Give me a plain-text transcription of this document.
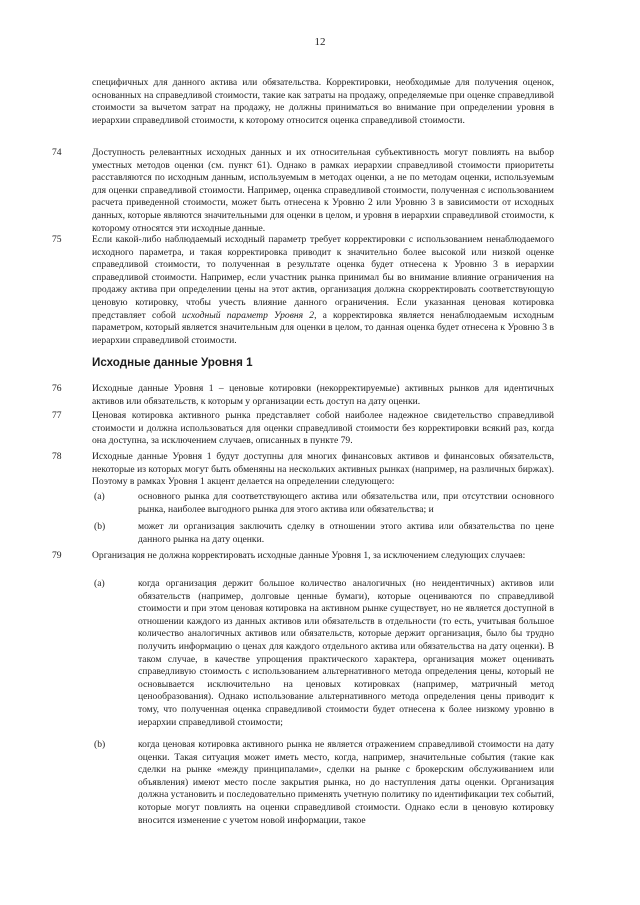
12
специфичных для данного актива или обязательства. Корректировки, необходимые для получения оценок, основанных на справедливой стоимости, такие как затраты на продажу, определяемые при оценке справедливой стоимости за вычетом затрат на продажу, не должны приниматься во внимание при определении уровня в иерархии справедливой стоимости, к которому относится оценка справедливой стоимости.
74	Доступность релевантных исходных данных и их относительная субъективность могут повлиять на выбор уместных методов оценки (см. пункт 61). Однако в рамках иерархии справедливой стоимости приоритеты расставляются по исходным данным, используемым в методах оценки, а не по методам оценки, используемым для оценки справедливой стоимости. Например, оценка справедливой стоимости, полученная с использованием расчета приведенной стоимости, может быть отнесена к Уровню 2 или Уровню 3 в зависимости от исходных данных, которые являются значительными для оценки в целом, и уровня в иерархии справедливой стоимости, к которому относятся эти исходные данные.
75	Если какой-либо наблюдаемый исходный параметр требует корректировки с использованием ненаблюдаемого исходного параметра, и такая корректировка приводит к значительно более высокой или низкой оценке справедливой стоимости, то полученная в результате оценка будет отнесена к Уровню 3 в иерархии справедливой стоимости. Например, если участник рынка принимал бы во внимание влияние ограничения на продажу актива при определении цены на этот актив, организация должна скорректировать соответствующую ценовую котировку, чтобы учесть влияние данного ограничения. Если указанная ценовая котировка представляет собой исходный параметр Уровня 2, а корректировка является ненаблюдаемым исходным параметром, который является значительным для оценки в целом, то данная оценка будет отнесена к Уровню 3 в иерархии справедливой стоимости.
Исходные данные Уровня 1
76	Исходные данные Уровня 1 – ценовые котировки (некорректируемые) активных рынков для идентичных активов или обязательств, к которым у организации есть доступ на дату оценки.
77	Ценовая котировка активного рынка представляет собой наиболее надежное свидетельство справедливой стоимости и должна использоваться для оценки справедливой стоимости без корректировки всякий раз, когда она доступна, за исключением случаев, описанных в пункте 79.
78	Исходные данные Уровня 1 будут доступны для многих финансовых активов и финансовых обязательств, некоторые из которых могут быть обменяны на нескольких активных рынках (например, на различных биржах). Поэтому в рамках Уровня 1 акцент делается на определении следующего:
(a)	основного рынка для соответствующего актива или обязательства или, при отсутствии основного рынка, наиболее выгодного рынка для этого актива или обязательства; и
(b)	может ли организация заключить сделку в отношении этого актива или обязательства по цене данного рынка на дату оценки.
79	Организация не должна корректировать исходные данные Уровня 1, за исключением следующих случаев:
(a)	когда организация держит большое количество аналогичных (но неидентичных) активов или обязательств (например, долговые ценные бумаги), которые оцениваются по справедливой стоимости и при этом ценовая котировка на активном рынке существует, но не является доступной в отношении каждого из данных активов или обязательств в отдельности (то есть, учитывая большое количество аналогичных активов или обязательств, которые держит организация, было бы трудно получить информацию о ценах для каждого отдельного актива или обязательства на дату оценки). В таком случае, в качестве упрощения практического характера, организация может оценивать справедливую стоимость с использованием альтернативного метода определения цены, который не основывается исключительно на ценовых котировках (например, матричный метод ценообразования). Однако использование альтернативного метода определения цены приводит к тому, что полученная оценка справедливой стоимости будет отнесена к более низкому уровню в иерархии справедливой стоимости;
(b)	когда ценовая котировка активного рынка не является отражением справедливой стоимости на дату оценки. Такая ситуация может иметь место, когда, например, значительные события (такие как сделки на рынке «между принципалами», сделки на рынке с брокерским обслуживанием или объявления) имеют место после закрытия рынка, но до наступления даты оценки. Организация должна установить и последовательно применять учетную политику по идентификации тех событий, которые могут повлиять на оценки справедливой стоимости. Однако если в ценовую котировку вносится изменение с учетом новой информации, такое
